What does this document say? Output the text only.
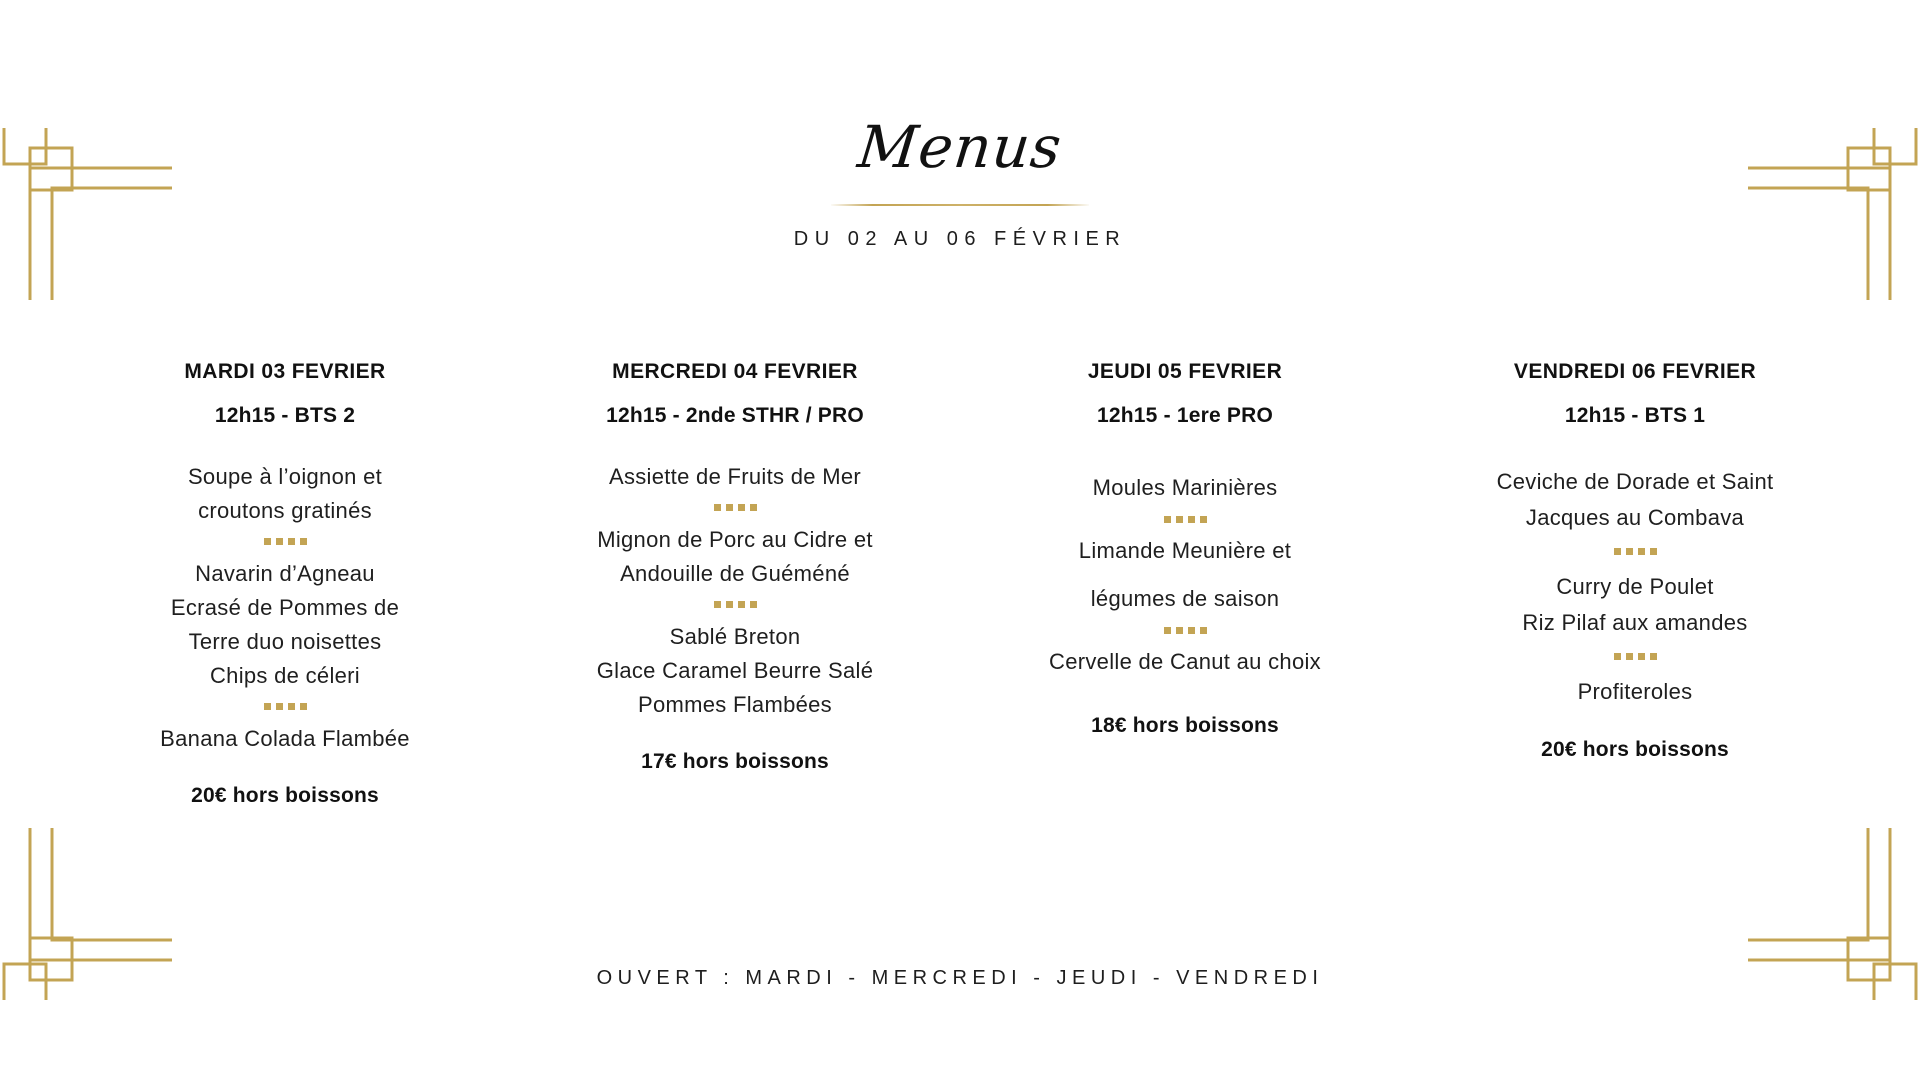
Menus
DU 02 AU 06 FÉVRIER
MARDI 03 FEVRIER
12h15 - BTS 2
Soupe à l’oignon et
croutons gratinés
Navarin d’Agneau
Ecrasé de Pommes de
Terre duo noisettes
Chips de céleri
Banana Colada Flambée
20€ hors boissons
MERCREDI 04 FEVRIER
12h15 - 2nde STHR / PRO
Assiette de Fruits de Mer
Mignon de Porc au Cidre et
Andouille de Guéméné
Sablé Breton
Glace Caramel Beurre Salé
Pommes Flambées
17€ hors boissons
JEUDI 05 FEVRIER
12h15 - 1ere PRO
Moules Marinières
Limande Meunière et
légumes de saison
Cervelle de Canut au choix
18€ hors boissons
VENDREDI 06 FEVRIER
12h15 - BTS 1
Ceviche de Dorade et Saint
Jacques au Combava
Curry de Poulet
Riz Pilaf aux amandes
Profiteroles
20€ hors boissons
OUVERT : MARDI - MERCREDI - JEUDI - VENDREDI
